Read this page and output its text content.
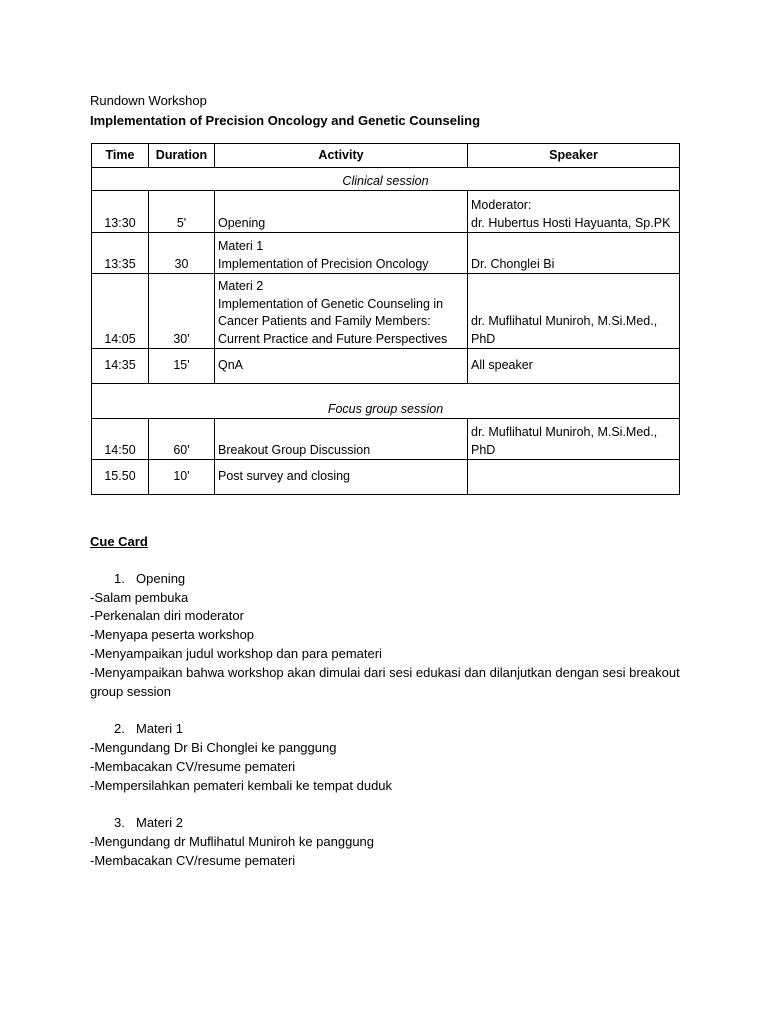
Rundown Workshop

Implementation of Precision Oncology and Genetic Counseling

Time	Duration	Activity	Speaker
Clinical session			
13:30	5'	Opening	Moderator:
dr. Hubertus Hosti Hayuanta, Sp.PK
13:35	30	Materi 1
Implementation of Precision Oncology	Dr. Chonglei Bi
14:05	30'	Materi 2
Implementation of Genetic Counseling in
Cancer Patients and Family Members:
Current Practice and Future Perspectives	dr. Muflihatul Muniroh, M.Si.Med.,
PhD
14:35	15'	QnA	All speaker
Focus group session			
14:50	60'	Breakout Group Discussion	dr. Muflihatul Muniroh, M.Si.Med.,
PhD
15.50	10'	Post survey and closing	

Cue Card

1. Opening

-Salam pembuka

-Perkenalan diri moderator

-Menyapa peserta workshop

-Menyampaikan judul workshop dan para pemateri

-Menyampaikan bahwa workshop akan dimulai dari sesi edukasi dan dilanjutkan dengan sesi breakout group session

2. Materi 1

-Mengundang Dr Bi Chonglei ke panggung

-Membacakan CV/resume pemateri

-Mempersilahkan pemateri kembali ke tempat duduk

3. Materi 2

-Mengundang dr Muflihatul Muniroh ke panggung

-Membacakan CV/resume pemateri
